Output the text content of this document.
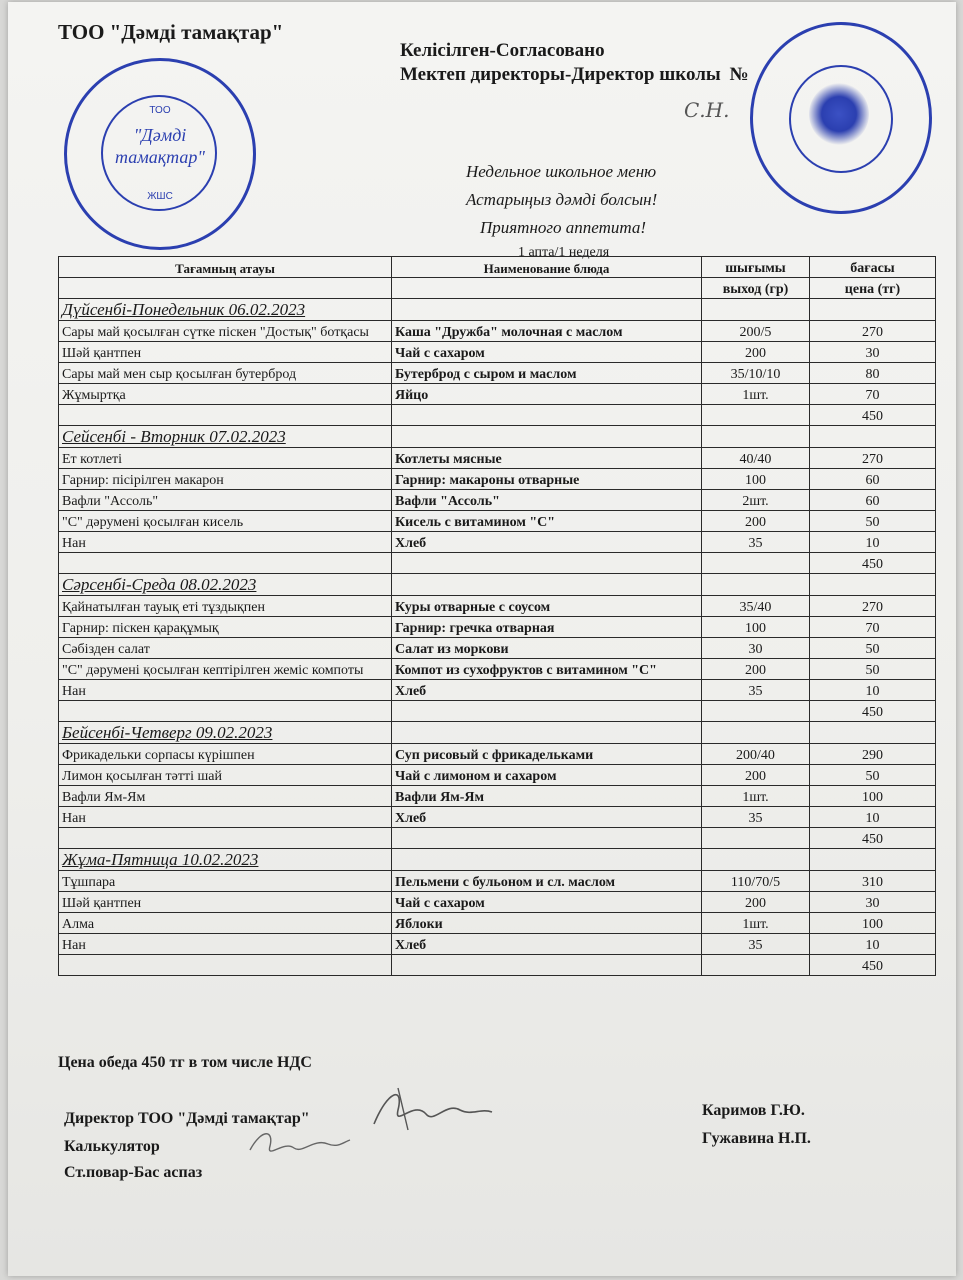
ТОО "Дәмді тамақтар"
ТОО
"Дәмді
тамақтар"
ЖШС
Келісілген-Согласовано
Мектеп директоры-Директор школы №
С.Н.
Недельное школьное меню
Астарыңыз дәмді болсын!
Приятного аппетита!
1 апта/1 неделя
Тағамның атауы	Наименование блюда	шығымы	бағасы
		выход (гр)	цена (тг)
Дүйсенбі-Понедельник 06.02.2023			
Сары май қосылған сүтке піскен "Достық" ботқасы	Каша "Дружба" молочная с маслом	200/5	270
Шәй қантпен	Чай с сахаром	200	30
Сары май мен сыр қосылған бутерброд	Бутерброд с сыром и маслом	35/10/10	80
Жұмыртқа	Яйцо	1шт.	70
			450
Сейсенбі - Вторник 07.02.2023			
Ет котлеті	Котлеты мясные	40/40	270
Гарнир: пісірілген макарон	Гарнир: макароны отварные	100	60
Вафли "Ассоль"	Вафли "Ассоль"	2шт.	60
"С" дәрумені қосылған кисель	Кисель с витамином "С"	200	50
Нан	Хлеб	35	10
			450
Сәрсенбі-Среда 08.02.2023			
Қайнатылған тауық еті тұздықпен	Куры отварные с соусом	35/40	270
Гарнир: піскен қарақұмық	Гарнир: гречка отварная	100	70
Сәбізден салат	Салат из моркови	30	50
"С" дәрумені қосылған кептірілген жеміс компоты	Компот из сухофруктов с витамином "С"	200	50
Нан	Хлеб	35	10
			450
Бейсенбі-Четверг 09.02.2023			
Фрикадельки сорпасы күрішпен	Суп рисовый с фрикадельками	200/40	290
Лимон қосылған тәтті шай	Чай с лимоном и сахаром	200	50
Вафли Ям-Ям	Вафли Ям-Ям	1шт.	100
Нан	Хлеб	35	10
			450
Жұма-Пятница 10.02.2023			
Тұшпара	Пельмени с бульоном и сл. маслом	110/70/5	310
Шәй қантпен	Чай с сахаром	200	30
Алма	Яблоки	1шт.	100
Нан	Хлеб	35	10
			450
Цена обеда 450 тг в том числе НДС
Директор ТОО "Дәмді тамақтар"
Калькулятор
Ст.повар-Бас аспаз
Каримов Г.Ю.
Гужавина Н.П.
